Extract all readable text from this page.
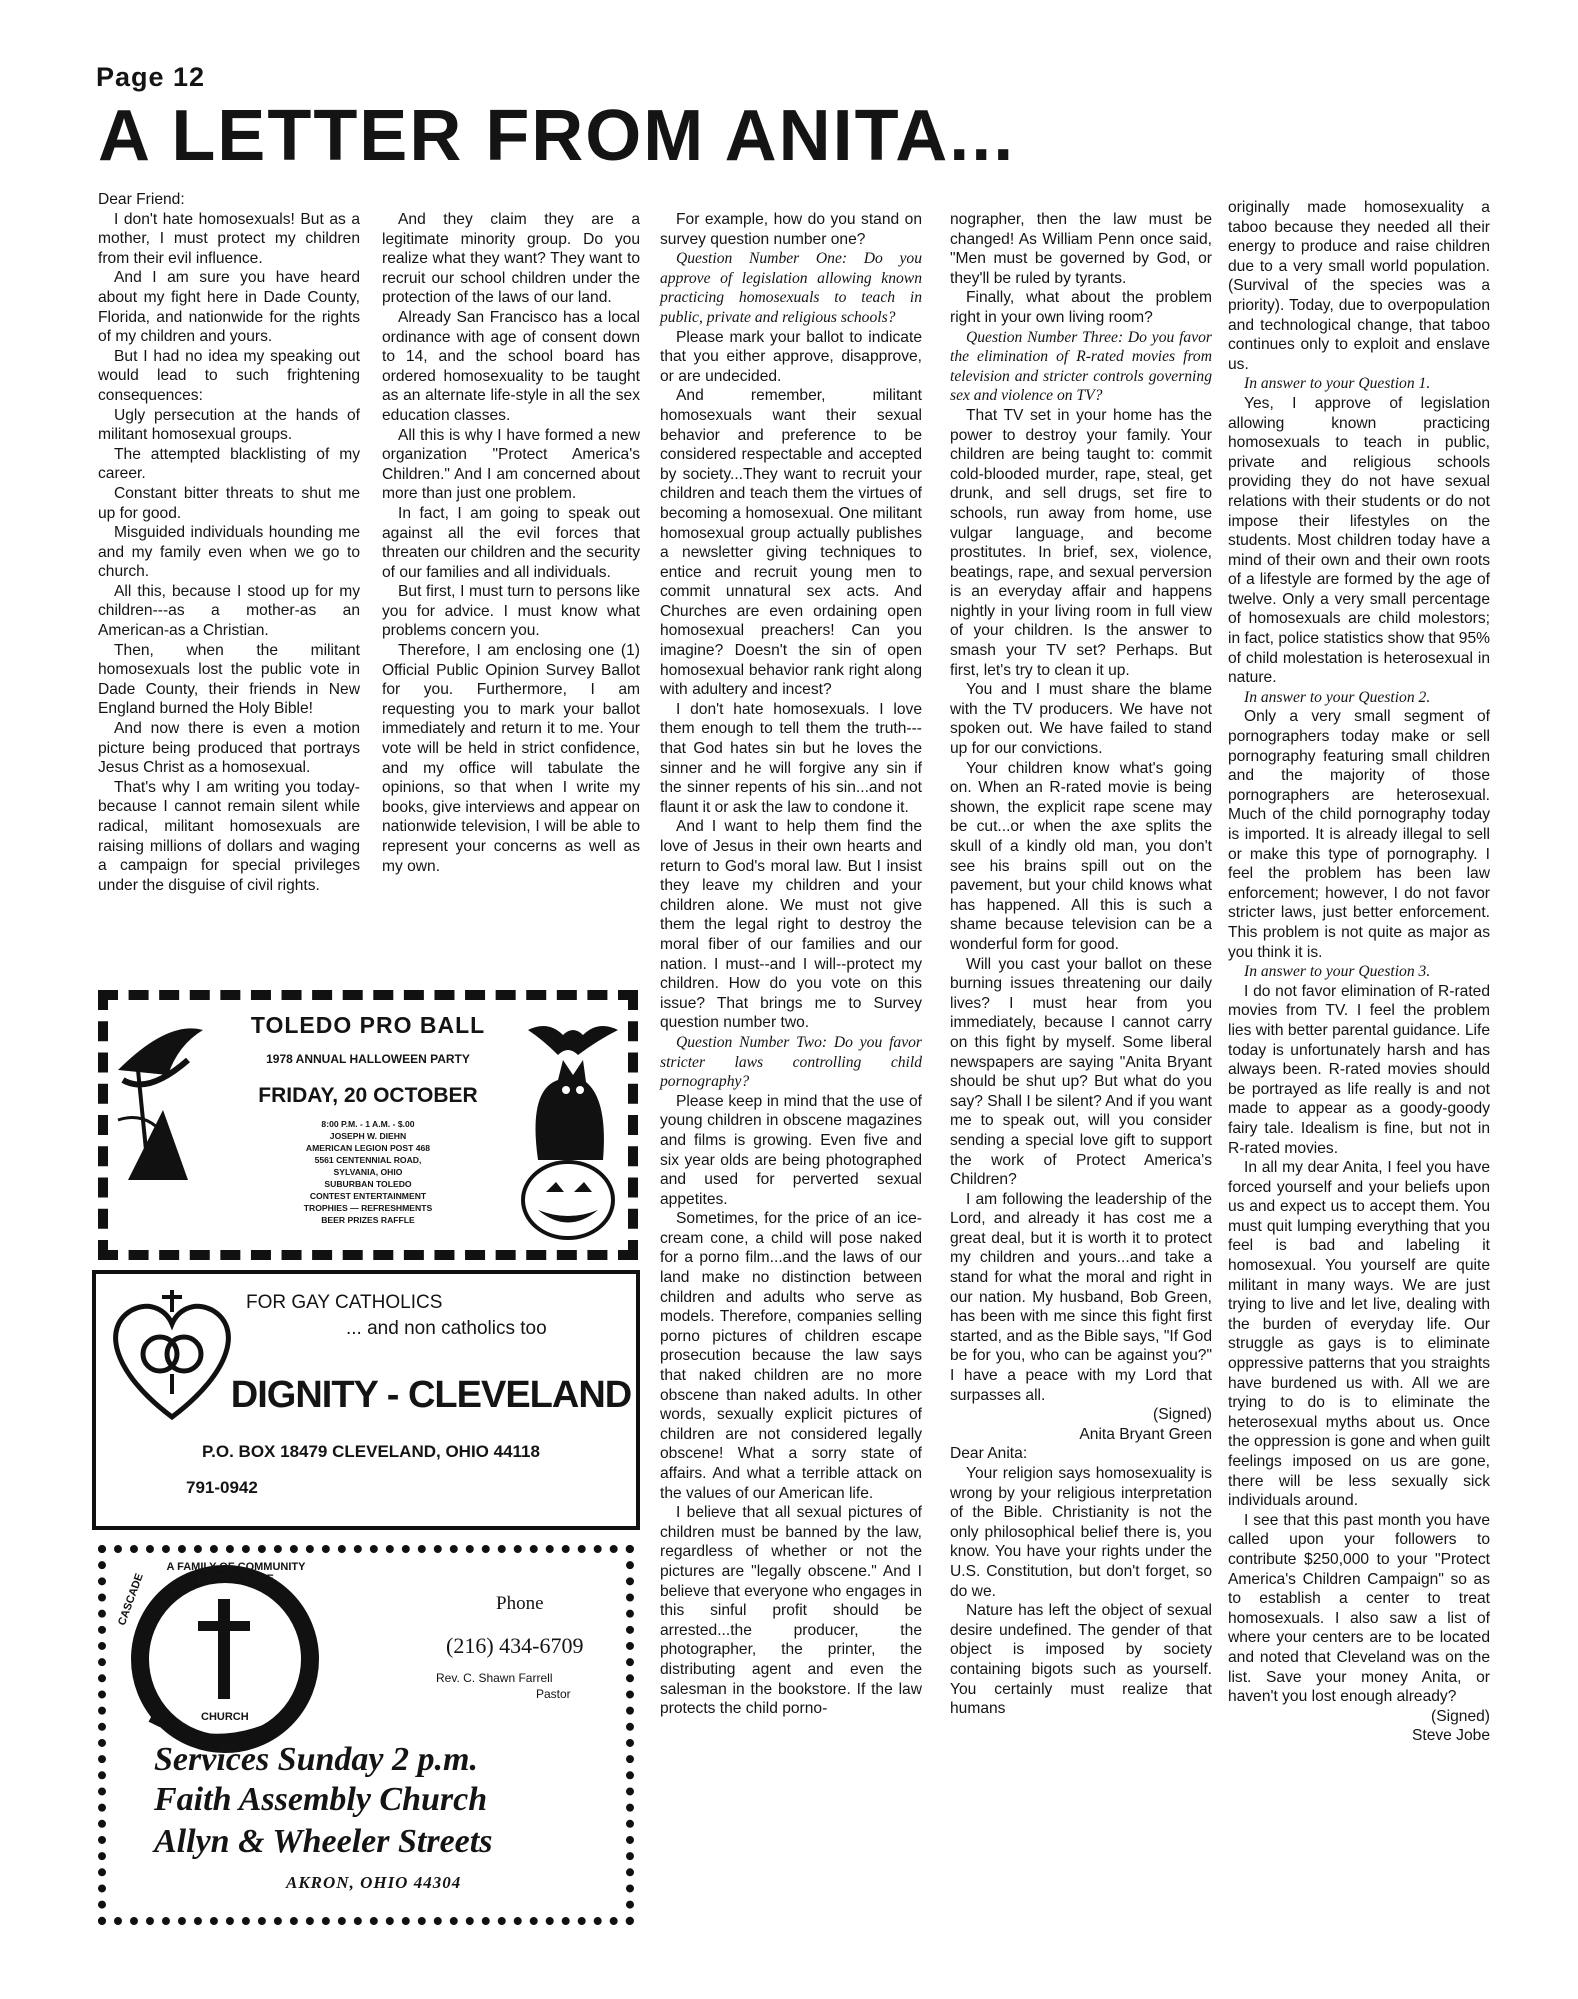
Page 12
A LETTER FROM ANITA...

Dear Friend:

I don't hate homosexuals! But as a mother, I must protect my children from their evil influence.

And I am sure you have heard about my fight here in Dade County, Florida, and nationwide for the rights of my children and yours.

But I had no idea my speaking out would lead to such frightening consequences:

Ugly persecution at the hands of militant homosexual groups.

The attempted blacklisting of my career.

Constant bitter threats to shut me up for good.

Misguided individuals hounding me and my family even when we go to church.

All this, because I stood up for my children---as a mother-as an American-as a Christian.

Then, when the militant homosexuals lost the public vote in Dade County, their friends in New England burned the Holy Bible!

And now there is even a motion picture being produced that portrays Jesus Christ as a homosexual.

That's why I am writing you today-because I cannot remain silent while radical, militant homosexuals are raising millions of dollars and waging a campaign for special privileges under the disguise of civil rights.

And they claim they are a legitimate minority group. Do you realize what they want? They want to recruit our school children under the protection of the laws of our land.

Already San Francisco has a local ordinance with age of consent down to 14, and the school board has ordered homosexuality to be taught as an alternate life-style in all the sex education classes.

All this is why I have formed a new organization "Protect America's Children." And I am concerned about more than just one problem.

In fact, I am going to speak out against all the evil forces that threaten our children and the security of our families and all individuals.

But first, I must turn to persons like you for advice. I must know what problems concern you.

Therefore, I am enclosing one (1) Official Public Opinion Survey Ballot for you. Furthermore, I am requesting you to mark your ballot immediately and return it to me. Your vote will be held in strict confidence, and my office will tabulate the opinions, so that when I write my books, give interviews and appear on nationwide television, I will be able to represent your concerns as well as my own.

For example, how do you stand on survey question number one?

Question Number One: Do you approve of legislation allowing known practicing homosexuals to teach in public, private and religious schools?

Please mark your ballot to indicate that you either approve, disapprove, or are undecided.

And remember, militant homosexuals want their sexual behavior and preference to be considered respectable and accepted by society...They want to recruit your children and teach them the virtues of becoming a homosexual. One militant homosexual group actually publishes a newsletter giving techniques to entice and recruit young men to commit unnatural sex acts. And Churches are even ordaining open homosexual preachers! Can you imagine? Doesn't the sin of open homosexual behavior rank right along with adultery and incest?

I don't hate homosexuals. I love them enough to tell them the truth---that God hates sin but he loves the sinner and he will forgive any sin if the sinner repents of his sin...and not flaunt it or ask the law to condone it.

And I want to help them find the love of Jesus in their own hearts and return to God's moral law. But I insist they leave my children and your children alone. We must not give them the legal right to destroy the moral fiber of our families and our nation. I must--and I will--protect my children. How do you vote on this issue? That brings me to Survey question number two.

Question Number Two: Do you favor stricter laws controlling child pornography?

Please keep in mind that the use of young children in obscene magazines and films is growing. Even five and six year olds are being photographed and used for perverted sexual appetites.

Sometimes, for the price of an ice-cream cone, a child will pose naked for a porno film...and the laws of our land make no distinction between children and adults who serve as models. Therefore, companies selling porno pictures of children escape prosecution because the law says that naked children are no more obscene than naked adults. In other words, sexually explicit pictures of children are not considered legally obscene! What a sorry state of affairs. And what a terrible attack on the values of our American life.

I believe that all sexual pictures of children must be banned by the law, regardless of whether or not the pictures are "legally obscene." And I believe that everyone who engages in this sinful profit should be arrested...the producer, the photographer, the printer, the distributing agent and even the salesman in the bookstore. If the law protects the child porno-

nographer, then the law must be changed! As William Penn once said, "Men must be governed by God, or they'll be ruled by tyrants.

Finally, what about the problem right in your own living room?

Question Number Three: Do you favor the elimination of R-rated movies from television and stricter controls governing sex and violence on TV?

That TV set in your home has the power to destroy your family. Your children are being taught to: commit cold-blooded murder, rape, steal, get drunk, and sell drugs, set fire to schools, run away from home, use vulgar language, and become prostitutes. In brief, sex, violence, beatings, rape, and sexual perversion is an everyday affair and happens nightly in your living room in full view of your children. Is the answer to smash your TV set? Perhaps. But first, let's try to clean it up.

You and I must share the blame with the TV producers. We have not spoken out. We have failed to stand up for our convictions.

Your children know what's going on. When an R-rated movie is being shown, the explicit rape scene may be cut...or when the axe splits the skull of a kindly old man, you don't see his brains spill out on the pavement, but your child knows what has happened. All this is such a shame because television can be a wonderful form for good.

Will you cast your ballot on these burning issues threatening our daily lives? I must hear from you immediately, because I cannot carry on this fight by myself. Some liberal newspapers are saying "Anita Bryant should be shut up? But what do you say? Shall I be silent? And if you want me to speak out, will you consider sending a special love gift to support the work of Protect America's Children?

I am following the leadership of the Lord, and already it has cost me a great deal, but it is worth it to protect my children and yours...and take a stand for what the moral and right in our nation. My husband, Bob Green, has been with me since this fight first started, and as the Bible says, "If God be for you, who can be against you?" I have a peace with my Lord that surpasses all.

(Signed)

Anita Bryant Green

Dear Anita:

Your religion says homosexuality is wrong by your religious interpretation of the Bible. Christianity is not the only philosophical belief there is, you know. You have your rights under the U.S. Constitution, but don't forget, so do we.

Nature has left the object of sexual desire undefined. The gender of that object is imposed by society containing bigots such as yourself. You certainly must realize that humans

originally made homosexuality a taboo because they needed all their energy to produce and raise children due to a very small world population. (Survival of the species was a priority). Today, due to overpopulation and technological change, that taboo continues only to exploit and enslave us.

In answer to your Question 1.

Yes, I approve of legislation allowing known practicing homosexuals to teach in public, private and religious schools providing they do not have sexual relations with their students or do not impose their lifestyles on the students. Most children today have a mind of their own and their own roots of a lifestyle are formed by the age of twelve. Only a very small percentage of homosexuals are child molestors; in fact, police statistics show that 95% of child molestation is heterosexual in nature.

In answer to your Question 2.

Only a very small segment of pornographers today make or sell pornography featuring small children and the majority of those pornographers are heterosexual. Much of the child pornography today is imported. It is already illegal to sell or make this type of pornography. I feel the problem has been law enforcement; however, I do not favor stricter laws, just better enforcement. This problem is not quite as major as you think it is.

In answer to your Question 3.

I do not favor elimination of R-rated movies from TV. I feel the problem lies with better parental guidance. Life today is unfortunately harsh and has always been. R-rated movies should be portrayed as life really is and not made to appear as a goody-goody fairy tale. Idealism is fine, but not in R-rated movies.

In all my dear Anita, I feel you have forced yourself and your beliefs upon us and expect us to accept them. You must quit lumping everything that you feel is bad and labeling it homosexual. You yourself are quite militant in many ways. We are just trying to live and let live, dealing with the burden of everyday life. Our struggle as gays is to eliminate oppressive patterns that you straights have burdened us with. All we are trying to do is to eliminate the heterosexual myths about us. Once the oppression is gone and when guilt feelings imposed on us are gone, there will be less sexually sick individuals around.

I see that this past month you have called upon your followers to contribute $250,000 to your "Protect America's Children Campaign" so as to establish a center to treat homosexuals. I also saw a list of where your centers are to be located and noted that Cleveland was on the list. Save your money Anita, or haven't you lost enough already?

(Signed)

Steve Jobe

TOLEDO PRO BALL
1978 ANNUAL HALLOWEEN PARTY
FRIDAY, 20 OCTOBER
8:00 P.M. - 1 A.M. - $.00
JOSEPH W. DIEHN
AMERICAN LEGION POST 468
5561 CENTENNIAL ROAD,
SYLVANIA, OHIO
SUBURBAN TOLEDO
CONTEST ENTERTAINMENT
TROPHIES — REFRESHMENTS
BEER PRIZES RAFFLE
FOR GAY CATHOLICS
... and non catholics too
DIGNITY - CLEVELAND
P.O. BOX 18479 CLEVELAND, OHIO 44118
791-0942
A FAMILY OF COMMUNITY FAITH & LOVE
CASCADE
CHURCH
Phone
(216) 434-6709
Rev. C. Shawn Farrell
Pastor
Services Sunday 2 p.m.
Faith Assembly Church
Allyn & Wheeler Streets
AKRON, OHIO 44304
